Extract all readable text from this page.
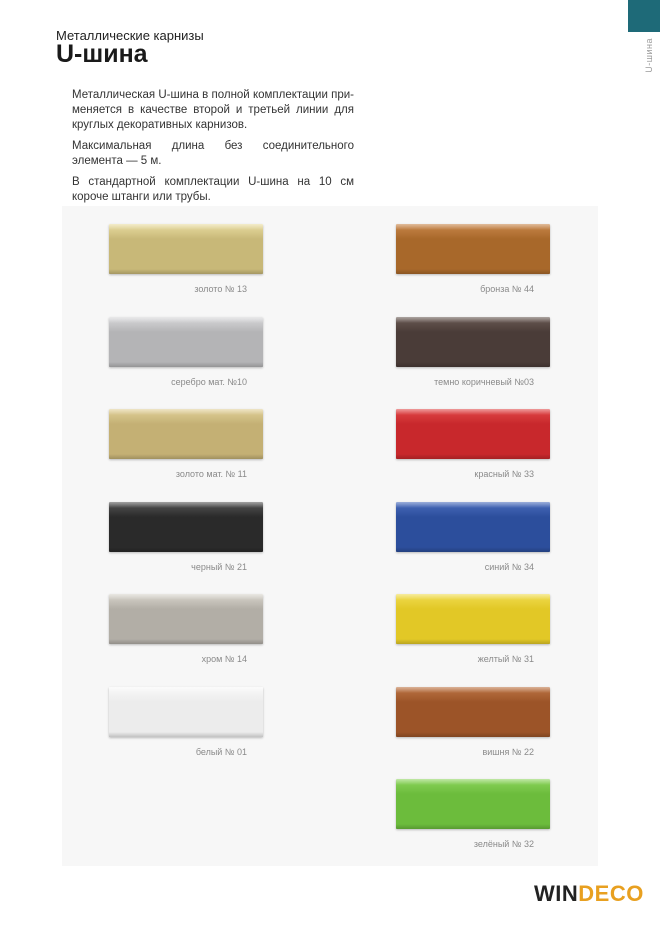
U-шина
Металлические карнизы
U-шина

Металлическая U-шина в полной комплектации при-меняется в качестве второй и третьей линии для круглых декоративных карнизов.

Максимальная длина без соединительного элемента — 5 м.

В стандартной комплектации U-шина на 10 см короче штанги или трубы.

золото № 13
серебро мат. №10
золото мат. № 11
черный № 21
хром № 14
белый № 01
бронза № 44
темно коричневый №03
красный № 33
синий № 34
желтый № 31
вишня № 22
зелёный № 32
WINDECO
